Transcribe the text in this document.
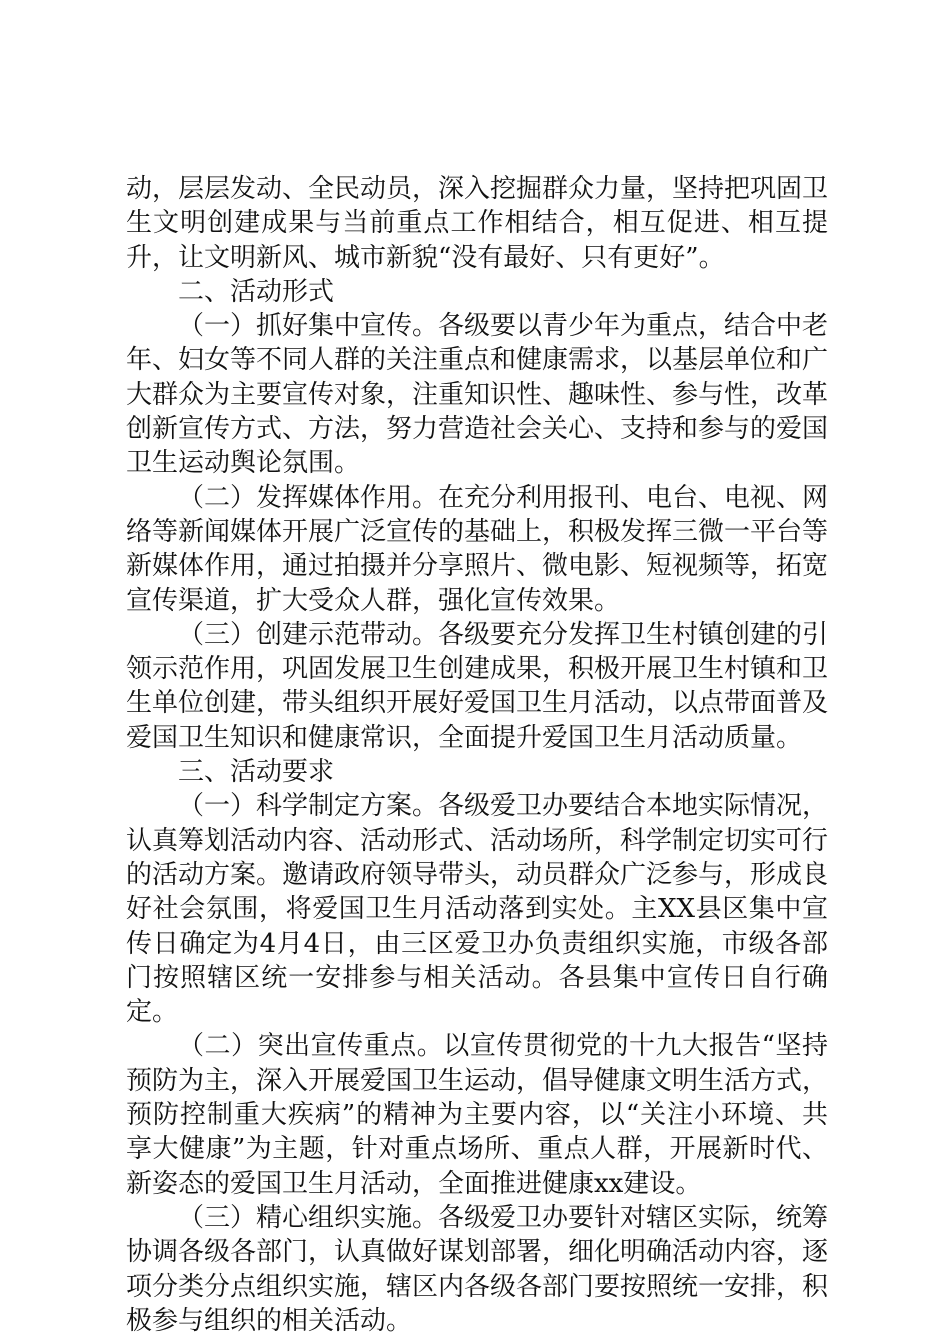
动，层层发动、全民动员，深入挖掘群众力量，坚持把巩固卫生文明创建成果与当前重点工作相结合，相互促进、相互提升，让文明新风、城市新貌“没有最好、只有更好”。

二、活动形式

（一）抓好集中宣传。各级要以青少年为重点，结合中老年、妇女等不同人群的关注重点和健康需求，以基层单位和广大群众为主要宣传对象，注重知识性、趣味性、参与性，改革创新宣传方式、方法，努力营造社会关心、支持和参与的爱国卫生运动舆论氛围。

（二）发挥媒体作用。在充分利用报刊、电台、电视、网络等新闻媒体开展广泛宣传的基础上，积极发挥三微一平台等新媒体作用，通过拍摄并分享照片、微电影、短视频等，拓宽宣传渠道，扩大受众人群，强化宣传效果。

（三）创建示范带动。各级要充分发挥卫生村镇创建的引领示范作用，巩固发展卫生创建成果，积极开展卫生村镇和卫生单位创建，带头组织开展好爱国卫生月活动，以点带面普及爱国卫生知识和健康常识，全面提升爱国卫生月活动质量。

三、活动要求

（一）科学制定方案。各级爱卫办要结合本地实际情况，认真筹划活动内容、活动形式、活动场所，科学制定切实可行的活动方案。邀请政府领导带头，动员群众广泛参与，形成良好社会氛围，将爱国卫生月活动落到实处。主XX县区集中宣传日确定为4月4日，由三区爱卫办负责组织实施，市级各部门按照辖区统一安排参与相关活动。各县集中宣传日自行确定。

（二）突出宣传重点。以宣传贯彻党的十九大报告“坚持预防为主，深入开展爱国卫生运动，倡导健康文明生活方式，预防控制重大疾病”的精神为主要内容，以“关注小环境、共享大健康”为主题，针对重点场所、重点人群，开展新时代、新姿态的爱国卫生月活动，全面推进健康xx建设。

（三）精心组织实施。各级爱卫办要针对辖区实际，统筹协调各级各部门，认真做好谋划部署，细化明确活动内容，逐项分类分点组织实施，辖区内各级各部门要按照统一安排，积极参与组织的相关活动。
